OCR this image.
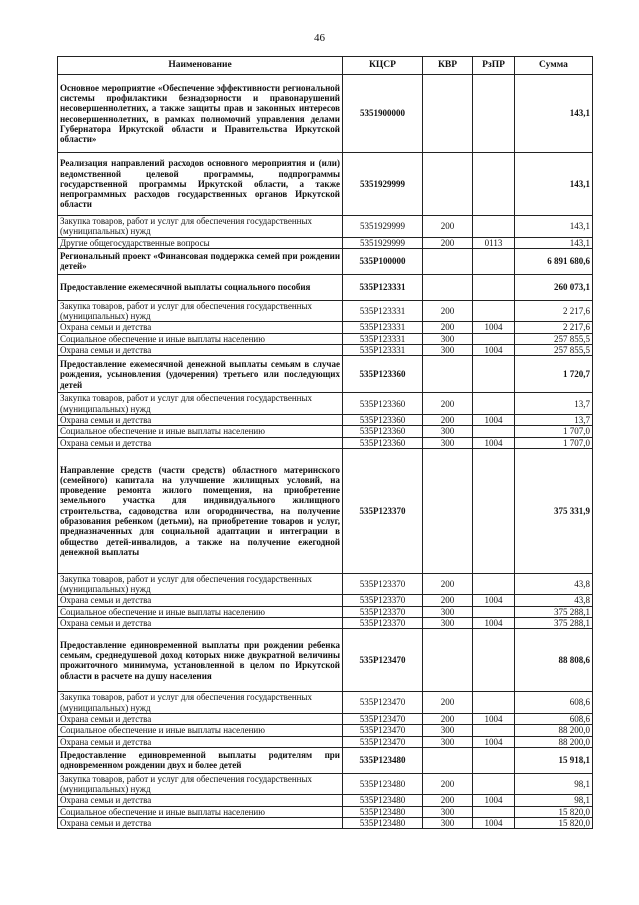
46
Наименование	КЦСР	КВР	РзПР	Сумма
Основное мероприятие «Обеспечение эффективности региональной системы профилактики безнадзорности и правонарушений несовершеннолетних, а также защиты прав и законных интересов несовершеннолетних, в рамках полномочий управления делами Губернатора Иркутской области и Правительства Иркутской области»	5351900000			143,1
Реализация направлений расходов основного мероприятия и (или) ведомственной целевой программы, подпрограммы государственной программы Иркутской области, а также непрограммных расходов государственных органов Иркутской области	5351929999			143,1
Закупка товаров, работ и услуг для обеспечения государственных (муниципальных) нужд	5351929999	200		143,1
Другие общегосударственные вопросы	5351929999	200	0113	143,1
Региональный проект «Финансовая поддержка семей при рождении детей»	535P100000			6 891 680,6
Предоставление ежемесячной выплаты социального пособия	535P123331			260 073,1
Закупка товаров, работ и услуг для обеспечения государственных (муниципальных) нужд	535P123331	200		2 217,6
Охрана семьи и детства	535P123331	200	1004	2 217,6
Социальное обеспечение и иные выплаты населению	535P123331	300		257 855,5
Охрана семьи и детства	535P123331	300	1004	257 855,5
Предоставление ежемесячной денежной выплаты семьям в случае рождения, усыновления (удочерения) третьего или последующих детей	535P123360			1 720,7
Закупка товаров, работ и услуг для обеспечения государственных (муниципальных) нужд	535P123360	200		13,7
Охрана семьи и детства	535P123360	200	1004	13,7
Социальное обеспечение и иные выплаты населению	535P123360	300		1 707,0
Охрана семьи и детства	535P123360	300	1004	1 707,0
Направление средств (части средств) областного материнского (семейного) капитала на улучшение жилищных условий, на проведение ремонта жилого помещения, на приобретение земельного участка для индивидуального жилищного строительства, садоводства или огородничества, на получение образования ребенком (детьми), на приобретение товаров и услуг, предназначенных для социальной адаптации и интеграции в общество детей-инвалидов, а также на получение ежегодной денежной выплаты	535P123370			375 331,9
Закупка товаров, работ и услуг для обеспечения государственных (муниципальных) нужд	535P123370	200		43,8
Охрана семьи и детства	535P123370	200	1004	43,8
Социальное обеспечение и иные выплаты населению	535P123370	300		375 288,1
Охрана семьи и детства	535P123370	300	1004	375 288,1
Предоставление единовременной выплаты при рождении ребенка семьям, среднедушевой доход которых ниже двукратной величины прожиточного минимума, установленной в целом по Иркутской области в расчете на душу населения	535P123470			88 808,6
Закупка товаров, работ и услуг для обеспечения государственных (муниципальных) нужд	535P123470	200		608,6
Охрана семьи и детства	535P123470	200	1004	608,6
Социальное обеспечение и иные выплаты населению	535P123470	300		88 200,0
Охрана семьи и детства	535P123470	300	1004	88 200,0
Предоставление единовременной выплаты родителям при одновременном рождении двух и более детей	535P123480			15 918,1
Закупка товаров, работ и услуг для обеспечения государственных (муниципальных) нужд	535P123480	200		98,1
Охрана семьи и детства	535P123480	200	1004	98,1
Социальное обеспечение и иные выплаты населению	535P123480	300		15 820,0
Охрана семьи и детства	535P123480	300	1004	15 820,0
